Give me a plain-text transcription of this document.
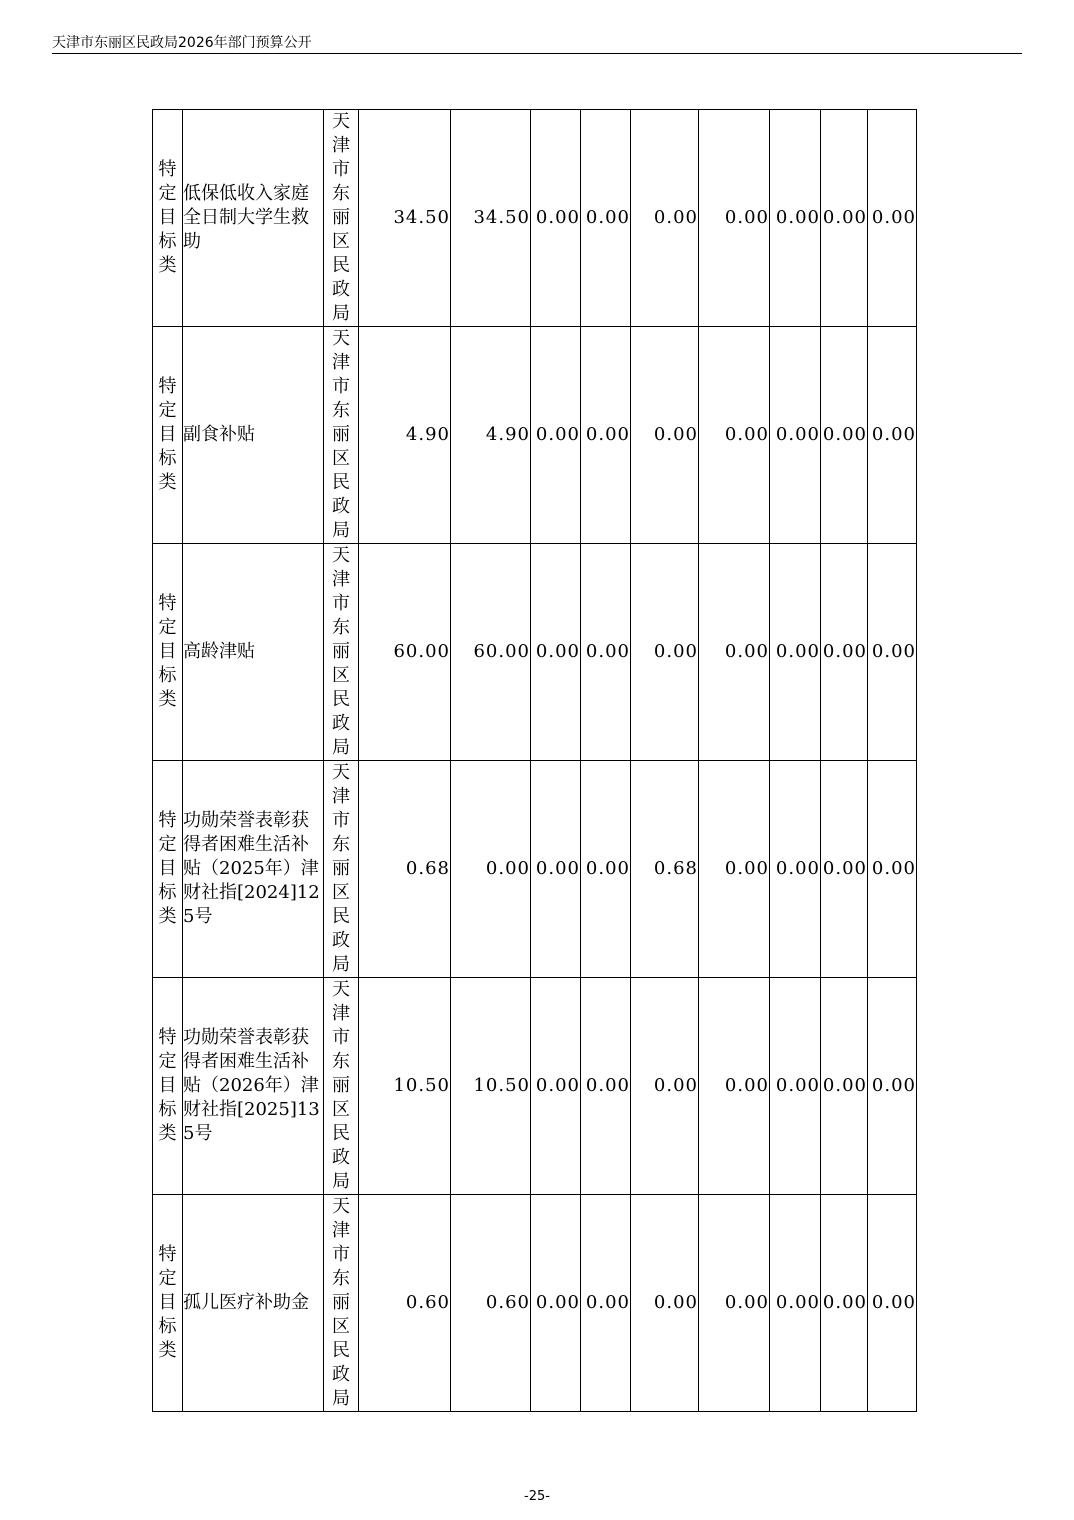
天津市东丽区民政局2026年部门预算公开
特定目标类	低保低收入家庭全日制大学生救助	天津市东丽区民政局	34.50	34.50	0.00	0.00	0.00	0.00	0.00	0.00	0.00
特定目标类	副食补贴	天津市东丽区民政局	4.90	4.90	0.00	0.00	0.00	0.00	0.00	0.00	0.00
特定目标类	高龄津贴	天津市东丽区民政局	60.00	60.00	0.00	0.00	0.00	0.00	0.00	0.00	0.00
特定目标类	功勋荣誉表彰获得者困难生活补贴（2025年）津财社指[2024]125号	天津市东丽区民政局	0.68	0.00	0.00	0.00	0.68	0.00	0.00	0.00	0.00
特定目标类	功勋荣誉表彰获得者困难生活补贴（2026年）津财社指[2025]135号	天津市东丽区民政局	10.50	10.50	0.00	0.00	0.00	0.00	0.00	0.00	0.00
特定目标类	孤儿医疗补助金	天津市东丽区民政局	0.60	0.60	0.00	0.00	0.00	0.00	0.00	0.00	0.00
-25-
